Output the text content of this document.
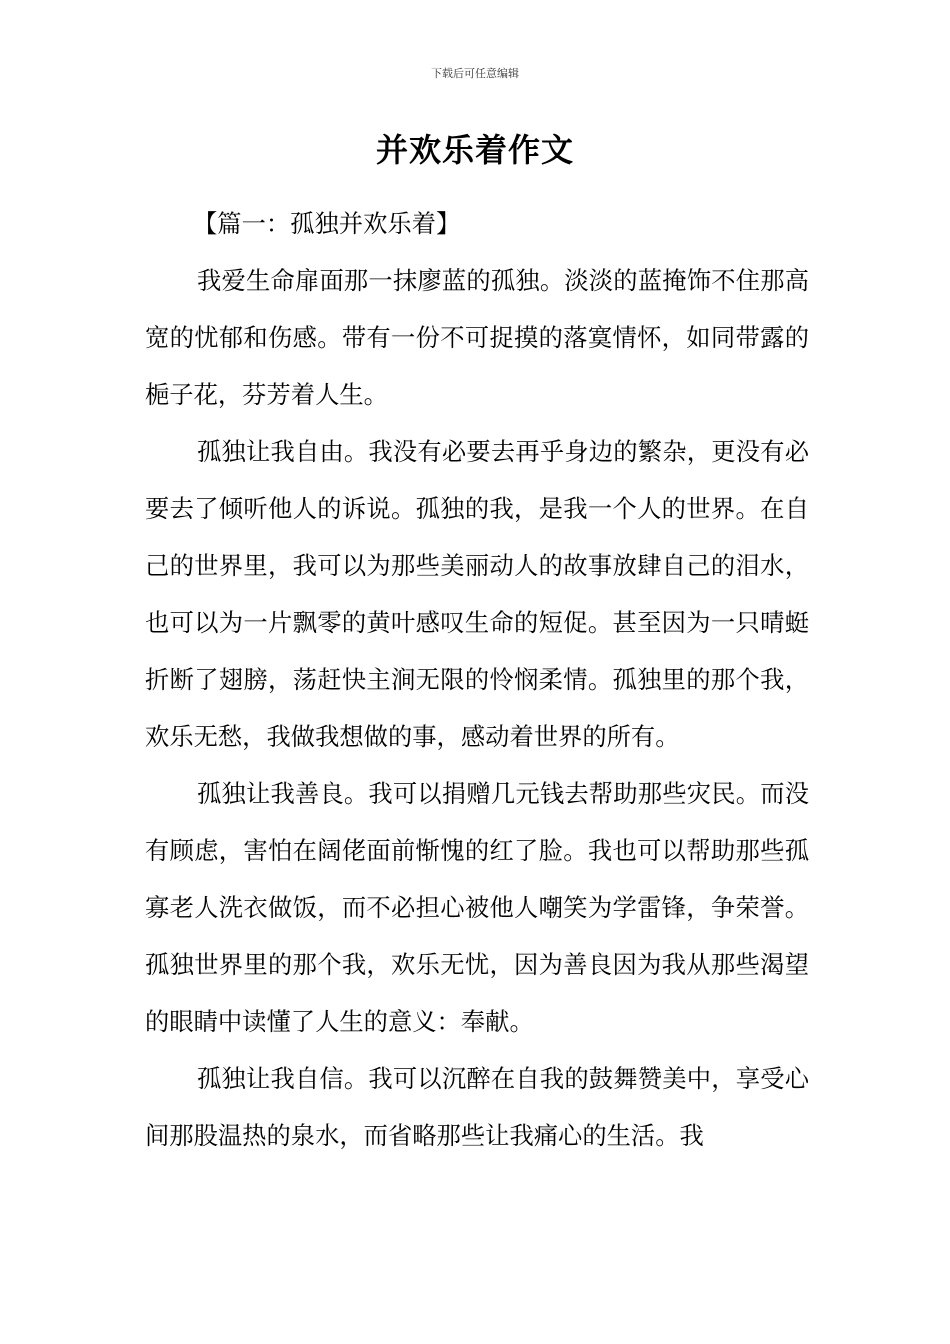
下载后可任意编辑
并欢乐着作文

【篇一：孤独并欢乐着】

我爱生命扉面那一抹廖蓝的孤独。淡淡的蓝掩饰不住那高宽的忧郁和伤感。带有一份不可捉摸的落寞情怀，如同带露的梔子花，芬芳着人生。

孤独让我自由。我没有必要去再乎身边的繁杂，更没有必要去了倾听他人的诉说。孤独的我，是我一个人的世界。在自己的世界里，我可以为那些美丽动人的故事放肆自己的泪水，也可以为一片飘零的黄叶感叹生命的短促。甚至因为一只晴蜓折断了翅膀，荡赶快主涧无限的怜悯柔情。孤独里的那个我，欢乐无愁，我做我想做的事，感动着世界的所有。

孤独让我善良。我可以捐赠几元钱去帮助那些灾民。而没有顾虑，害怕在阔佬面前惭愧的红了脸。我也可以帮助那些孤寡老人洗衣做饭，而不必担心被他人嘲笑为学雷锋，争荣誉。孤独世界里的那个我，欢乐无忧，因为善良因为我从那些渴望的眼睛中读懂了人生的意义：奉献。

孤独让我自信。我可以沉醉在自我的鼓舞赞美中，享受心间那股温热的泉水，而省略那些让我痛心的生活。我
